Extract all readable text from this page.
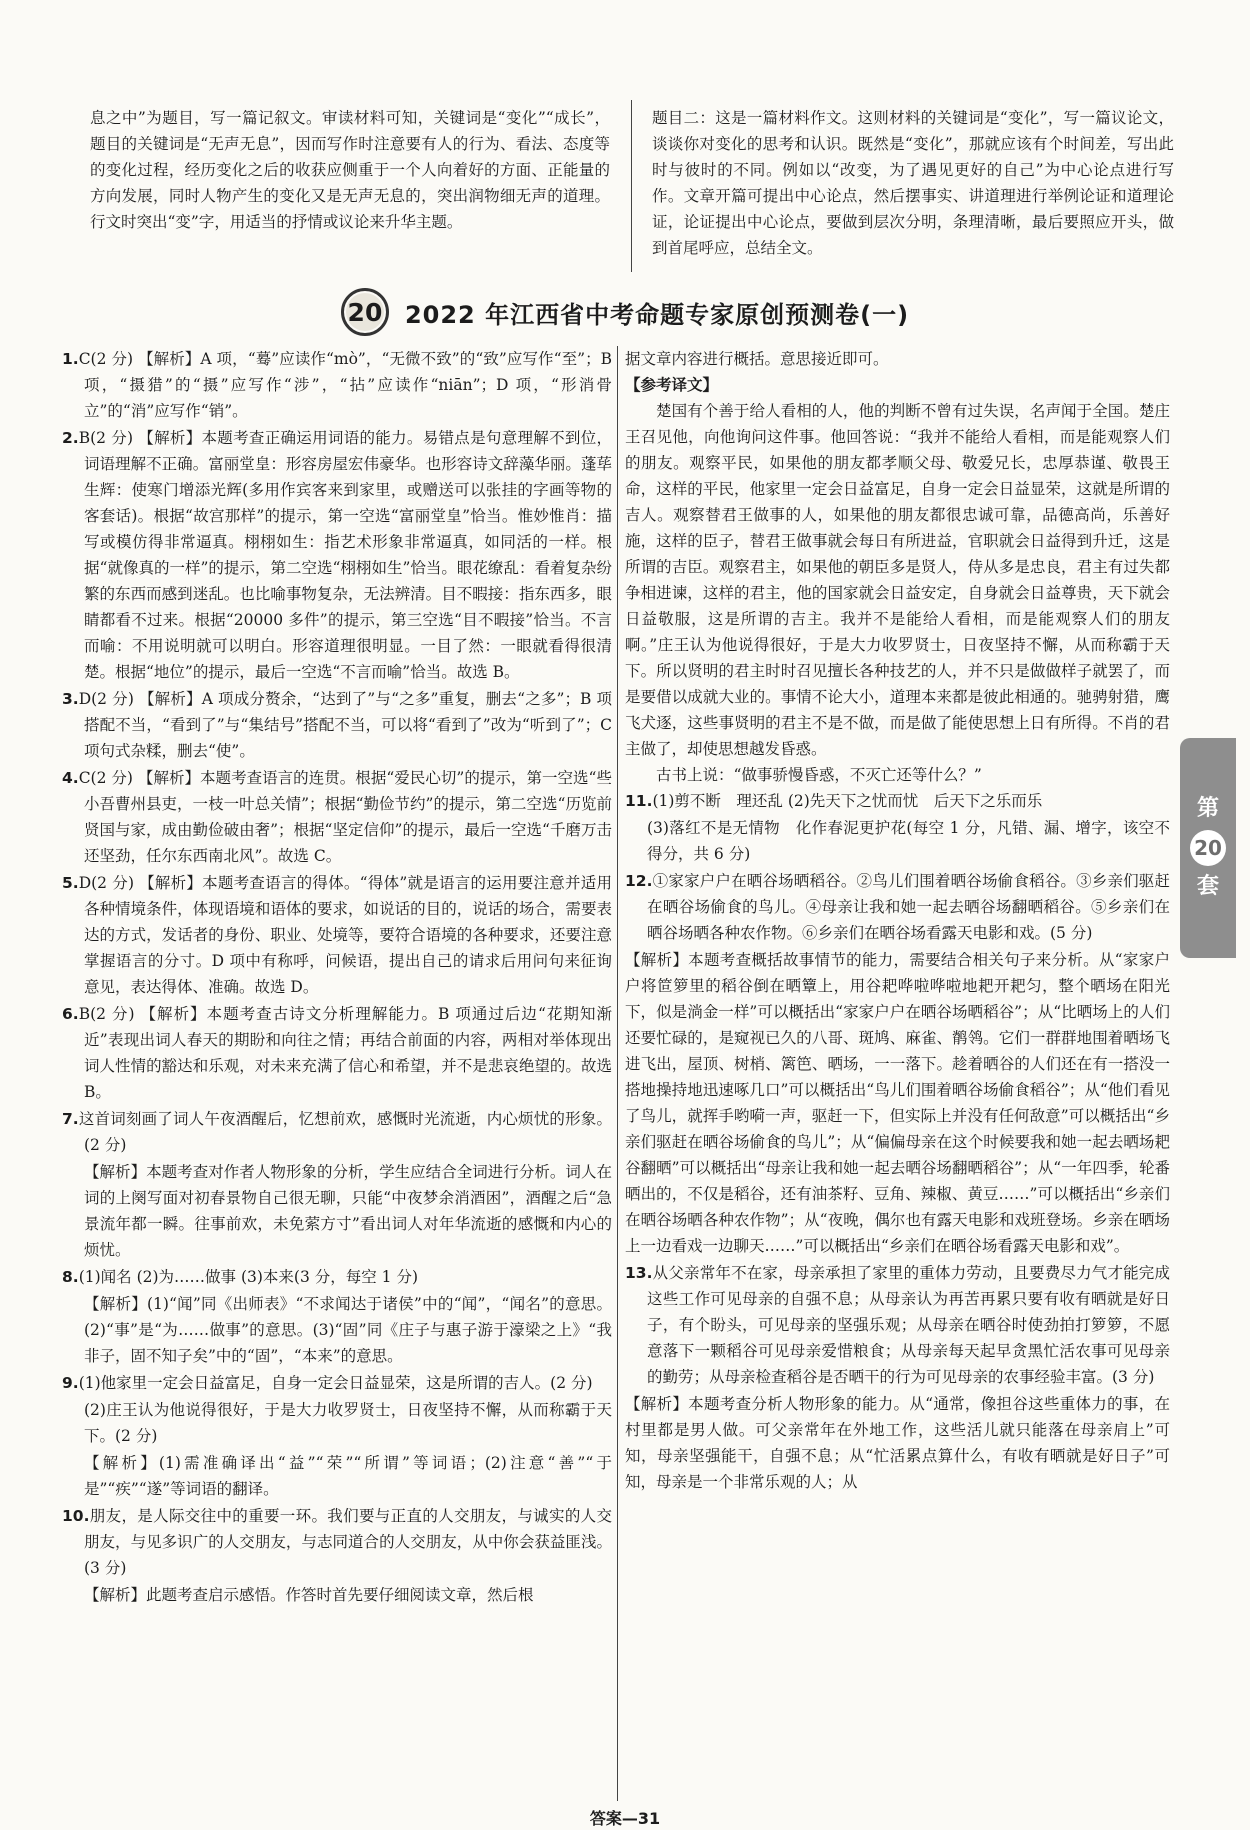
息之中”为题目，写一篇记叙文。审读材料可知，关键词是“变化”“成长”，题目的关键词是“无声无息”，因而写作时注意要有人的行为、看法、态度等的变化过程，经历变化之后的收获应侧重于一个人向着好的方面、正能量的方向发展，同时人物产生的变化又是无声无息的，突出润物细无声的道理。行文时突出“变”字，用适当的抒情或议论来升华主题。

题目二：这是一篇材料作文。这则材料的关键词是“变化”，写一篇议论文，谈谈你对变化的思考和认识。既然是“变化”，那就应该有个时间差，写出此时与彼时的不同。例如以“改变，为了遇见更好的自己”为中心论点进行写作。文章开篇可提出中心论点，然后摆事实、讲道理进行举例论证和道理论证，论证提出中心论点，要做到层次分明，条理清晰，最后要照应开头，做到首尾呼应，总结全文。

20 2022 年江西省中考命题专家原创预测卷(一)
1.C(2 分) 【解析】A 项，“蓦”应读作“mò”，“无微不致”的“致”应写作“至”；B 项，“摄猎”的“摄”应写作“涉”，“拈”应读作“niān”；D 项，“形消骨立”的“消”应写作“销”。
2.B(2 分) 【解析】本题考查正确运用词语的能力。易错点是句意理解不到位，词语理解不正确。富丽堂皇：形容房屋宏伟豪华。也形容诗文辞藻华丽。蓬荜生辉：使寒门增添光辉(多用作宾客来到家里，或赠送可以张挂的字画等物的客套话)。根据“故宫那样”的提示，第一空选“富丽堂皇”恰当。惟妙惟肖：描写或模仿得非常逼真。栩栩如生：指艺术形象非常逼真，如同活的一样。根据“就像真的一样”的提示，第二空选“栩栩如生”恰当。眼花缭乱：看着复杂纷繁的东西而感到迷乱。也比喻事物复杂，无法辨清。目不暇接：指东西多，眼睛都看不过来。根据“20000 多件”的提示，第三空选“目不暇接”恰当。不言而喻：不用说明就可以明白。形容道理很明显。一目了然：一眼就看得很清楚。根据“地位”的提示，最后一空选“不言而喻”恰当。故选 B。
3.D(2 分) 【解析】A 项成分赘余，“达到了”与“之多”重复，删去“之多”；B 项搭配不当，“看到了”与“集结号”搭配不当，可以将“看到了”改为“听到了”；C 项句式杂糅，删去“使”。
4.C(2 分) 【解析】本题考查语言的连贯。根据“爱民心切”的提示，第一空选“些小吾曹州县吏，一枝一叶总关情”；根据“勤俭节约”的提示，第二空选“历览前贤国与家，成由勤俭破由奢”；根据“坚定信仰”的提示，最后一空选“千磨万击还坚劲，任尔东西南北风”。故选 C。
5.D(2 分) 【解析】本题考查语言的得体。“得体”就是语言的运用要注意并适用各种情境条件，体现语境和语体的要求，如说话的目的，说话的场合，需要表达的方式，发话者的身份、职业、处境等，要符合语境的各种要求，还要注意掌握语言的分寸。D 项中有称呼，问候语，提出自己的请求后用问句来征询意见，表达得体、准确。故选 D。
6.B(2 分) 【解析】本题考查古诗文分析理解能力。B 项通过后边“花期知渐近”表现出词人春天的期盼和向往之情；再结合前面的内容，两相对举体现出词人性情的豁达和乐观，对未来充满了信心和希望，并不是悲哀绝望的。故选 B。
7.这首词刻画了词人午夜酒醒后，忆想前欢，感慨时光流逝，内心烦忧的形象。(2 分)
【解析】本题考查对作者人物形象的分析，学生应结合全词进行分析。词人在词的上阕写面对初春景物自己很无聊，只能“中夜梦余消酒困”，酒醒之后“急景流年都一瞬。往事前欢，未免萦方寸”看出词人对年华流逝的感慨和内心的烦忧。
8.(1)闻名 (2)为……做事 (3)本来(3 分，每空 1 分)
【解析】(1)“闻”同《出师表》“不求闻达于诸侯”中的“闻”，“闻名”的意思。(2)“事”是“为……做事”的意思。(3)“固”同《庄子与惠子游于濠梁之上》“我非子，固不知子矣”中的“固”，“本来”的意思。
9.(1)他家里一定会日益富足，自身一定会日益显荣，这是所谓的吉人。(2 分)
(2)庄王认为他说得很好，于是大力收罗贤士，日夜坚持不懈，从而称霸于天下。(2 分)
【解析】(1)需准确译出“益”“荣”“所谓”等词语；(2)注意“善”“于是”“疾”“遂”等词语的翻译。
10.朋友，是人际交往中的重要一环。我们要与正直的人交朋友，与诚实的人交朋友，与见多识广的人交朋友，与志同道合的人交朋友，从中你会获益匪浅。(3 分)
【解析】此题考查启示感悟。作答时首先要仔细阅读文章，然后根

据文章内容进行概括。意思接近即可。

【参考译文】

楚国有个善于给人看相的人，他的判断不曾有过失误，名声闻于全国。楚庄王召见他，向他询问这件事。他回答说：“我并不能给人看相，而是能观察人们的朋友。观察平民，如果他的朋友都孝顺父母、敬爱兄长，忠厚恭谨、敬畏王命，这样的平民，他家里一定会日益富足，自身一定会日益显荣，这就是所谓的吉人。观察替君王做事的人，如果他的朋友都很忠诚可靠，品德高尚，乐善好施，这样的臣子，替君王做事就会每日有所进益，官职就会日益得到升迁，这是所谓的吉臣。观察君主，如果他的朝臣多是贤人，侍从多是忠良，君主有过失都争相进谏，这样的君主，他的国家就会日益安定，自身就会日益尊贵，天下就会日益敬服，这是所谓的吉主。我并不是能给人看相，而是能观察人们的朋友啊。”庄王认为他说得很好，于是大力收罗贤士，日夜坚持不懈，从而称霸于天下。所以贤明的君主时时召见擅长各种技艺的人，并不只是做做样子就罢了，而是要借以成就大业的。事情不论大小，道理本来都是彼此相通的。驰骋射猎，鹰飞犬逐，这些事贤明的君主不是不做，而是做了能使思想上日有所得。不肖的君主做了，却使思想越发昏惑。

古书上说：“做事骄慢昏惑，不灭亡还等什么？”

11.(1)剪不断　理还乱 (2)先天下之忧而忧　后天下之乐而乐
(3)落红不是无情物　化作春泥更护花(每空 1 分，凡错、漏、增字，该空不得分，共 6 分)
12.①家家户户在晒谷场晒稻谷。②鸟儿们围着晒谷场偷食稻谷。③乡亲们驱赶在晒谷场偷食的鸟儿。④母亲让我和她一起去晒谷场翻晒稻谷。⑤乡亲们在晒谷场晒各种农作物。⑥乡亲们在晒谷场看露天电影和戏。(5 分)
【解析】本题考查概括故事情节的能力，需要结合相关句子来分析。从“家家户户将笸箩里的稻谷倒在晒簟上，用谷耙哗啦哗啦地耙开耙匀，整个晒场在阳光下，似是淌金一样”可以概括出“家家户户在晒谷场晒稻谷”；从“比晒场上的人们还要忙碌的，是窥视已久的八哥、斑鸠、麻雀、鹡鸰。它们一群群地围着晒场飞进飞出，屋顶、树梢、篱笆、晒场，一一落下。趁着晒谷的人们还在有一搭没一搭地操持地迅速啄几口”可以概括出“鸟儿们围着晒谷场偷食稻谷”；从“他们看见了鸟儿，就挥手哟嗬一声，驱赶一下，但实际上并没有任何敌意”可以概括出“乡亲们驱赶在晒谷场偷食的鸟儿”；从“偏偏母亲在这个时候要我和她一起去晒场耙谷翻晒”可以概括出“母亲让我和她一起去晒谷场翻晒稻谷”；从“一年四季，轮番晒出的，不仅是稻谷，还有油茶籽、豆角、辣椒、黄豆……”可以概括出“乡亲们在晒谷场晒各种农作物”；从“夜晚，偶尔也有露天电影和戏班登场。乡亲在晒场上一边看戏一边聊天……”可以概括出“乡亲们在晒谷场看露天电影和戏”。
13.从父亲常年不在家，母亲承担了家里的重体力劳动，且要费尽力气才能完成这些工作可见母亲的自强不息；从母亲认为再苦再累只要有收有晒就是好日子，有个盼头，可见母亲的坚强乐观；从母亲在晒谷时使劲拍打箩箩，不愿意落下一颗稻谷可见母亲爱惜粮食；从母亲每天起早贪黑忙活农事可见母亲的勤劳；从母亲检查稻谷是否晒干的行为可见母亲的农事经验丰富。(3 分)
【解析】本题考查分析人物形象的能力。从“通常，像担谷这些重体力的事，在村里都是男人做。可父亲常年在外地工作，这些活儿就只能落在母亲肩上”可知，母亲坚强能干，自强不息；从“忙活累点算什么，有收有晒就是好日子”可知，母亲是一个非常乐观的人；从
第
20
套
答案—31
